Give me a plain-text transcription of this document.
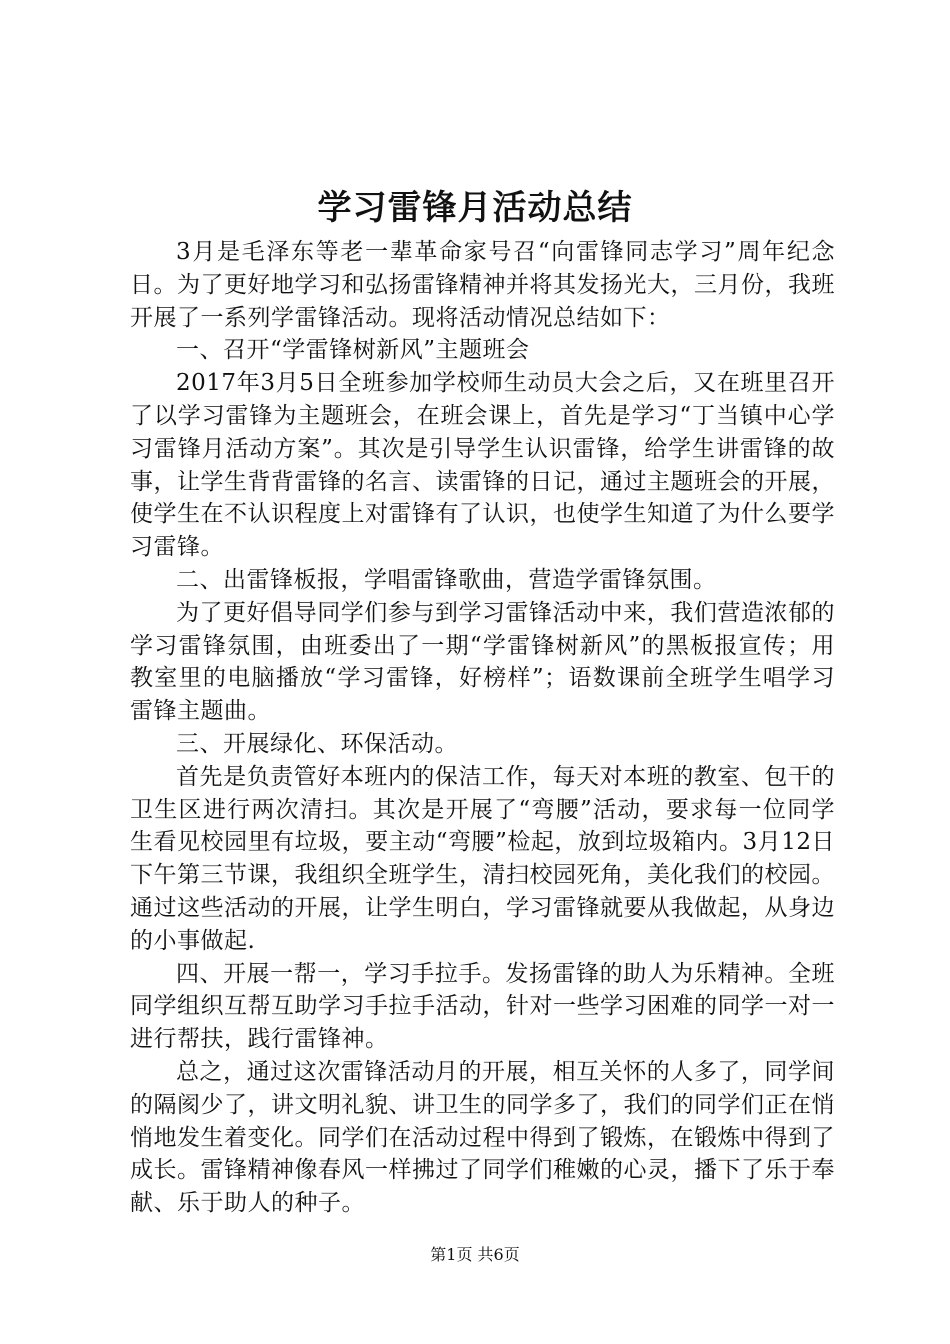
学习雷锋月活动总结

3月是毛泽东等老一辈革命家号召“向雷锋同志学习”周年纪念日。为了更好地学习和弘扬雷锋精神并将其发扬光大，三月份，我班开展了一系列学雷锋活动。现将活动情况总结如下：

一、召开“学雷锋树新风”主题班会

2017年3月5日全班参加学校师生动员大会之后，又在班里召开了以学习雷锋为主题班会，在班会课上，首先是学习“丁当镇中心学习雷锋月活动方案”。其次是引导学生认识雷锋，给学生讲雷锋的故事，让学生背背雷锋的名言、读雷锋的日记，通过主题班会的开展，使学生在不认识程度上对雷锋有了认识，也使学生知道了为什么要学习雷锋。

二、出雷锋板报，学唱雷锋歌曲，营造学雷锋氛围。

为了更好倡导同学们参与到学习雷锋活动中来，我们营造浓郁的学习雷锋氛围，由班委出了一期“学雷锋树新风”的黑板报宣传；用教室里的电脑播放“学习雷锋，好榜样”；语数课前全班学生唱学习雷锋主题曲。

三、开展绿化、环保活动。

首先是负责管好本班内的保洁工作，每天对本班的教室、包干的卫生区进行两次清扫。其次是开展了“弯腰”活动，要求每一位同学生看见校园里有垃圾，要主动“弯腰”检起，放到垃圾箱内。3月12日下午第三节课，我组织全班学生，清扫校园死角，美化我们的校园。通过这些活动的开展，让学生明白，学习雷锋就要从我做起，从身边的小事做起.

四、开展一帮一，学习手拉手。发扬雷锋的助人为乐精神。全班同学组织互帮互助学习手拉手活动，针对一些学习困难的同学一对一进行帮扶，践行雷锋神。

总之，通过这次雷锋活动月的开展，相互关怀的人多了，同学间的隔阂少了，讲文明礼貌、讲卫生的同学多了，我们的同学们正在悄悄地发生着变化。同学们在活动过程中得到了锻炼，在锻炼中得到了成长。雷锋精神像春风一样拂过了同学们稚嫩的心灵，播下了乐于奉献、乐于助人的种子。

第1页 共6页
